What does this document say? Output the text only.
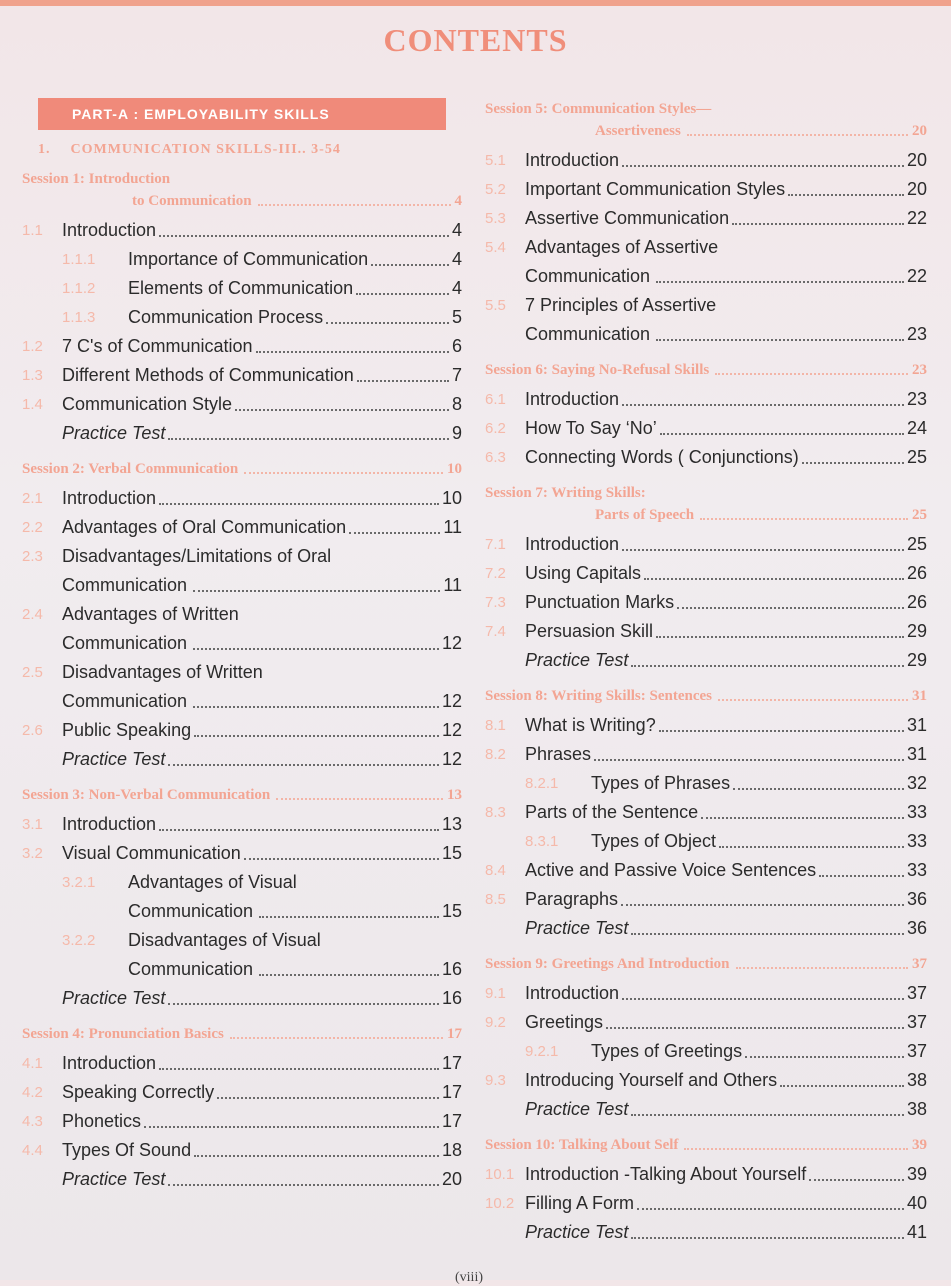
CONTENTS
PART-A : EMPLOYABILITY SKILLS
1. COMMUNICATION SKILLS-III.. 3-54
Session 1: Introduction
to Communication	4
1.1	Introduction	4
1.1.1	Importance of Communication	4
1.1.2	Elements of Communication	4
1.1.3	Communication Process	5
1.2	7 C's of Communication	6
1.3	Different Methods of Communication	7
1.4	Communication Style	8
Practice Test	9
Session 2: Verbal Communication	10
2.1	Introduction	10
2.2	Advantages of Oral Communication	11
2.3	Disadvantages/Limitations of Oral
Communication	11
2.4	Advantages of Written
Communication	12
2.5	Disadvantages of Written
Communication	12
2.6	Public Speaking	12
Practice Test	12
Session 3: Non-Verbal Communication	13
3.1	Introduction	13
3.2	Visual Communication	15
3.2.1	Advantages of Visual
Communication	15
3.2.2	Disadvantages of Visual
Communication	16
Practice Test	16
Session 4: Pronunciation Basics	17
4.1	Introduction	17
4.2	Speaking Correctly	17
4.3	Phonetics	17
4.4	Types Of Sound	18
Practice Test	20
Session 5: Communication Styles—
Assertiveness	20
5.1	Introduction	20
5.2	Important Communication Styles	20
5.3	Assertive Communication	22
5.4	Advantages of Assertive
Communication	22
5.5	7 Principles of Assertive
Communication	23
Session 6: Saying No-Refusal Skills	23
6.1	Introduction	23
6.2	How To Say ‘No’	24
6.3	Connecting Words ( Conjunctions)	25
Session 7: Writing Skills:
Parts of Speech	25
7.1	Introduction	25
7.2	Using Capitals	26
7.3	Punctuation Marks	26
7.4	Persuasion Skill	29
Practice Test	29
Session 8: Writing Skills: Sentences	31
8.1	What is Writing?	31
8.2	Phrases	31
8.2.1	Types of Phrases	32
8.3	Parts of the Sentence	33
8.3.1	Types of Object	33
8.4	Active and Passive Voice Sentences	33
8.5	Paragraphs	36
Practice Test	36
Session 9: Greetings And Introduction	37
9.1	Introduction	37
9.2	Greetings	37
9.2.1	Types of Greetings	37
9.3	Introducing Yourself and Others	38
Practice Test	38
Session 10: Talking About Self	39
10.1 Introduction -Talking About Yourself	39
10.2 Filling A Form	40
Practice Test	41
(viii)
